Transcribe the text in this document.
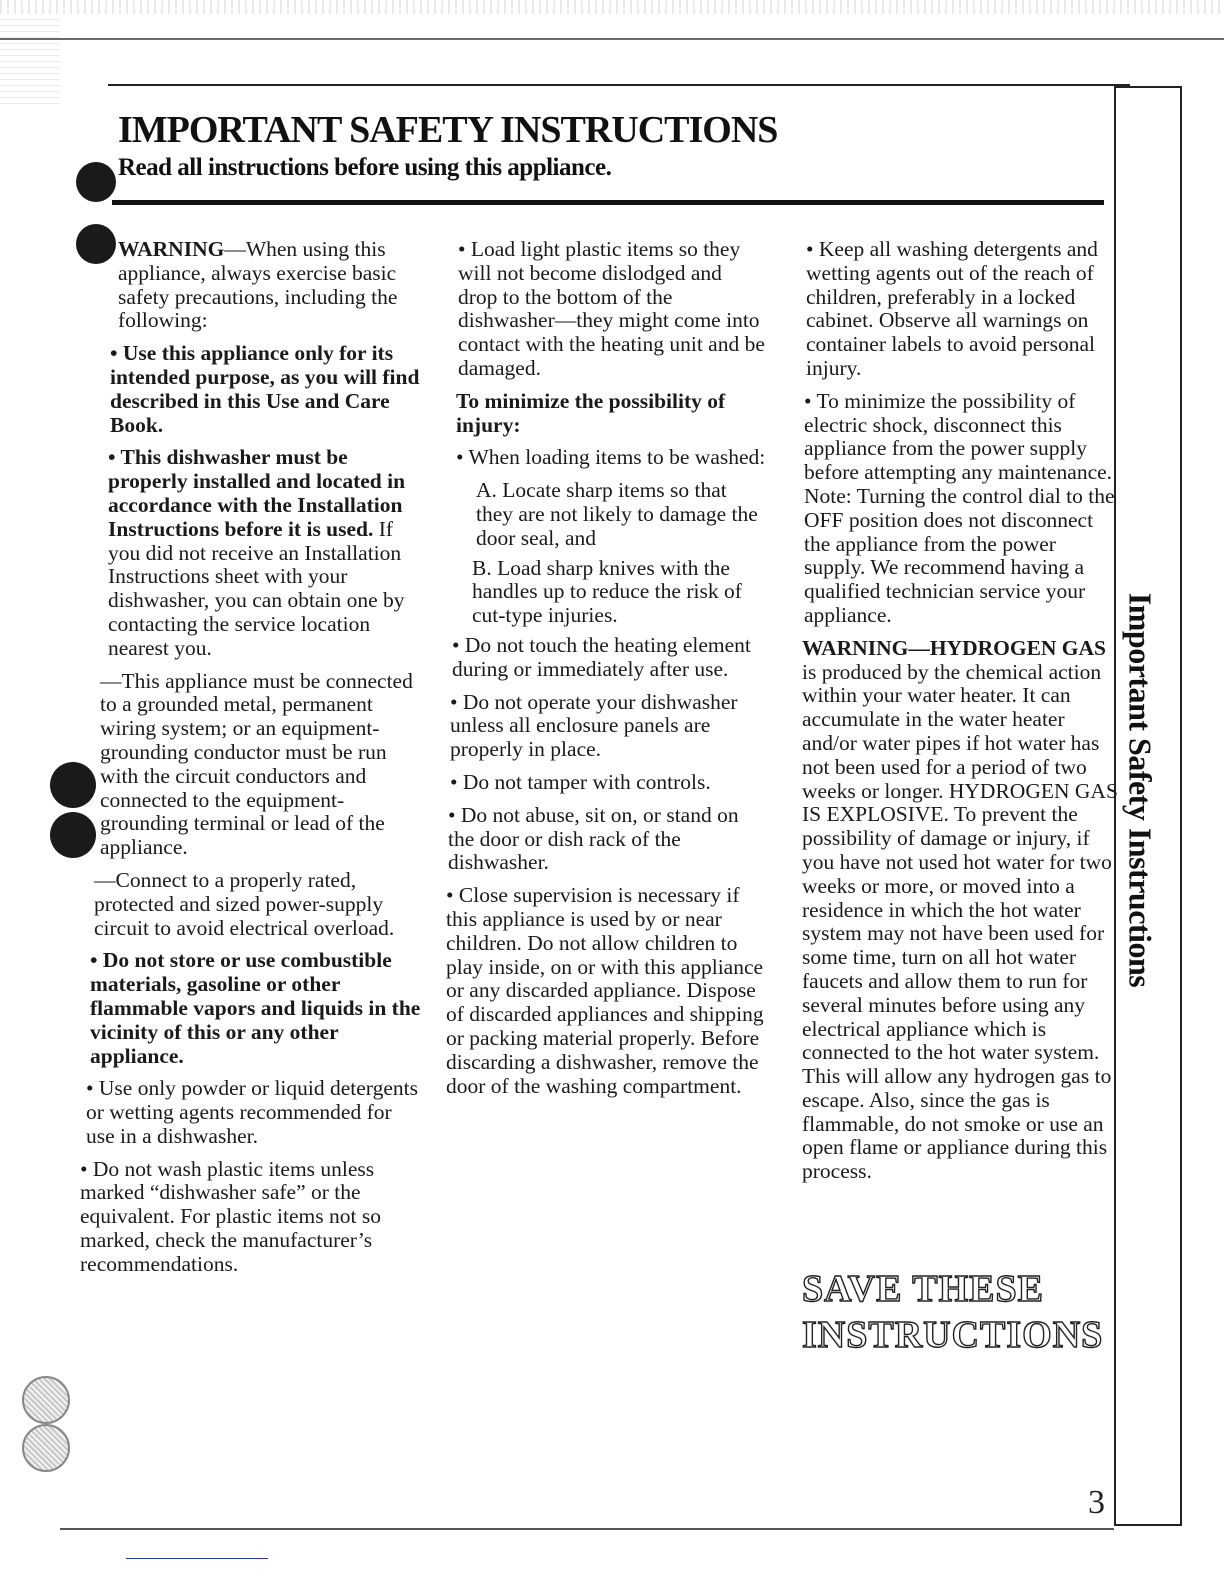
IMPORTANT SAFETY INSTRUCTIONS
Read all instructions before using this appliance.

WARNING—When using this appliance, always exercise basic safety precautions, including the following:

• Use this appliance only for its intended purpose, as you will find described in this Use and Care Book.

• This dishwasher must be properly installed and located in accordance with the Installation Instructions before it is used. If you did not receive an Installation Instructions sheet with your dishwasher, you can obtain one by contacting the service location nearest you.

—This appliance must be connected to a grounded metal, permanent wiring system; or an equipment-grounding conductor must be run with the circuit conductors and connected to the equipment-grounding terminal or lead of the appliance.

—Connect to a properly rated, protected and sized power-supply circuit to avoid electrical overload.

• Do not store or use combustible materials, gasoline or other flammable vapors and liquids in the vicinity of this or any other appliance.

• Use only powder or liquid detergents or wetting agents recommended for use in a dishwasher.

• Do not wash plastic items unless marked “dishwasher safe” or the equivalent. For plastic items not so marked, check the manufacturer’s recommendations.

• Load light plastic items so they will not become dislodged and drop to the bottom of the dishwasher—they might come into contact with the heating unit and be damaged.

To minimize the possibility of injury:

• When loading items to be washed:

A. Locate sharp items so that they are not likely to damage the door seal, and

B. Load sharp knives with the handles up to reduce the risk of cut-type injuries.

• Do not touch the heating element during or immediately after use.

• Do not operate your dishwasher unless all enclosure panels are properly in place.

• Do not tamper with controls.

• Do not abuse, sit on, or stand on the door or dish rack of the dishwasher.

• Close supervision is necessary if this appliance is used by or near children. Do not allow children to play inside, on or with this appliance or any discarded appliance. Dispose of discarded appliances and shipping or packing material properly. Before discarding a dishwasher, remove the door of the washing compartment.

• Keep all washing detergents and wetting agents out of the reach of children, preferably in a locked cabinet. Observe all warnings on container labels to avoid personal injury.

• To minimize the possibility of electric shock, disconnect this appliance from the power supply before attempting any maintenance. Note: Turning the control dial to the OFF position does not disconnect the appliance from the power supply. We recommend having a qualified technician service your appliance.

WARNING—HYDROGEN GAS is produced by the chemical action within your water heater. It can accumulate in the water heater and/or water pipes if hot water has not been used for a period of two weeks or longer. HYDROGEN GAS IS EXPLOSIVE. To prevent the possibility of damage or injury, if you have not used hot water for two weeks or more, or moved into a residence in which the hot water system may not have been used for some time, turn on all hot water faucets and allow them to run for several minutes before using any electrical appliance which is connected to the hot water system. This will allow any hydrogen gas to escape. Also, since the gas is flammable, do not smoke or use an open flame or appliance during this process.

SAVE THESE
INSTRUCTIONS
Important Safety Instructions
3
